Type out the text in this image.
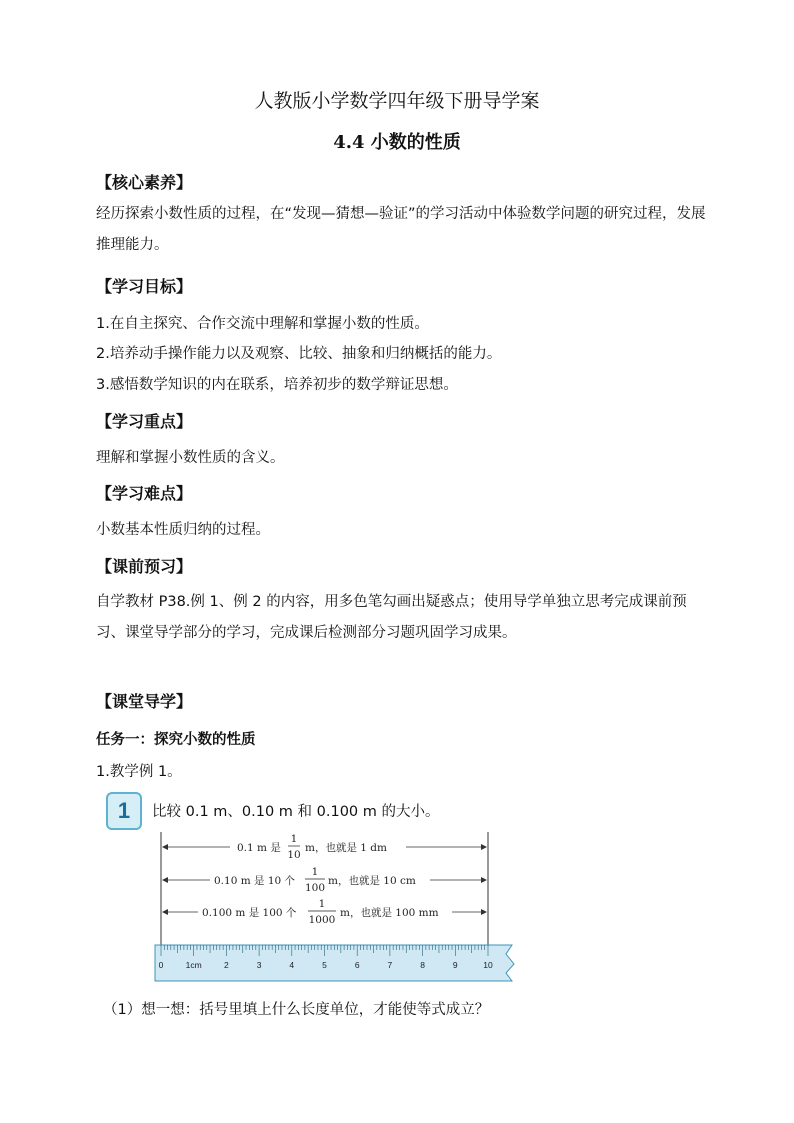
人教版小学数学四年级下册导学案
4.4 小数的性质
【核心素养】
经历探索小数性质的过程，在“发现—猜想—验证”的学习活动中体验数学问题的研究过程，发展推理能力。
【学习目标】
1.在自主探究、合作交流中理解和掌握小数的性质。
2.培养动手操作能力以及观察、比较、抽象和归纳概括的能力。
3.感悟数学知识的内在联系，培养初步的数学辩证思想。
【学习重点】
理解和掌握小数性质的含义。
【学习难点】
小数基本性质归纳的过程。
【课前预习】
自学教材 P38.例 1、例 2 的内容，用多色笔勾画出疑惑点；使用导学单独立思考完成课前预习、课堂导学部分的学习，完成课后检测部分习题巩固学习成果。
【课堂导学】
任务一：探究小数的性质
1.教学例 1。
1	比较 0.1 m、0.10 m 和 0.100 m 的大小。
0.1 m 是
1
10
m，也就是 1 dm
0.10 m 是 10 个
1
100
m，也就是 10 cm
0.100 m 是 100 个
1
1000
m，也就是 100 mm
0	1cm	2	3	4	5	6	7	8	9	10
（1）想一想：括号里填上什么长度单位，才能使等式成立？
